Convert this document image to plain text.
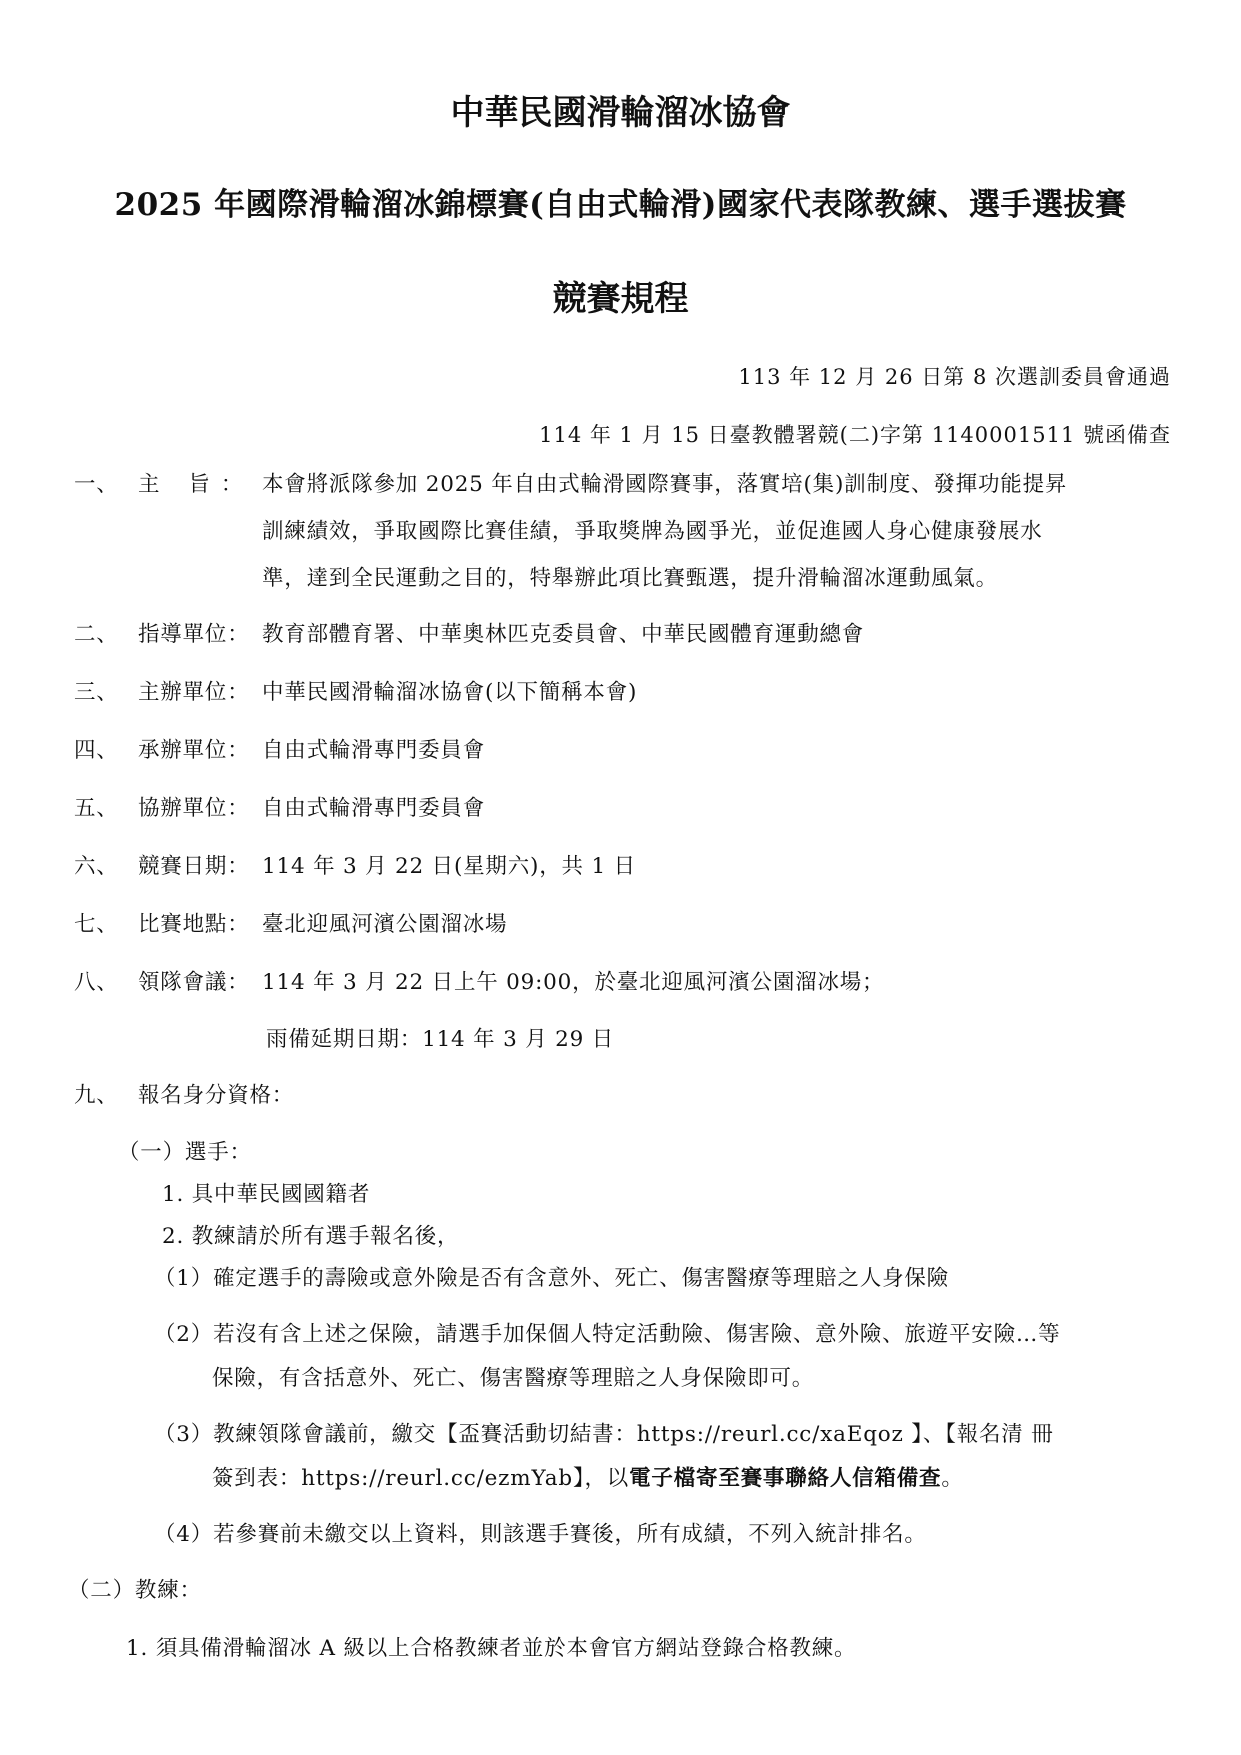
中華民國滑輪溜冰協會
2025 年國際滑輪溜冰錦標賽(自由式輪滑)國家代表隊教練、選手選拔賽
競賽規程
113 年 12 月 26 日第 8 次選訓委員會通過
114 年 1 月 15 日臺教體署競(二)字第 1140001511 號函備查
一、 主 旨： 本會將派隊參加 2025 年自由式輪滑國際賽事，落實培(集)訓制度、發揮功能提昇
訓練績效，爭取國際比賽佳績，爭取獎牌為國爭光，並促進國人身心健康發展水
準，達到全民運動之目的，特舉辦此項比賽甄選，提升滑輪溜冰運動風氣。
二、 指導單位： 教育部體育署、中華奧林匹克委員會、中華民國體育運動總會
三、 主辦單位： 中華民國滑輪溜冰協會(以下簡稱本會)
四、 承辦單位： 自由式輪滑專門委員會
五、 協辦單位： 自由式輪滑專門委員會
六、 競賽日期： 114 年 3 月 22 日(星期六)，共 1 日
七、 比賽地點： 臺北迎風河濱公園溜冰場
八、 領隊會議： 114 年 3 月 22 日上午 09:00，於臺北迎風河濱公園溜冰場；
雨備延期日期：114 年 3 月 29 日
九、 報名身分資格：
（一）選手：
1. 具中華民國國籍者
2. 教練請於所有選手報名後，
（1）確定選手的壽險或意外險是否有含意外、死亡、傷害醫療等理賠之人身保險
（2）若沒有含上述之保險，請選手加保個人特定活動險、傷害險、意外險、旅遊平安險…等
保險，有含括意外、死亡、傷害醫療等理賠之人身保險即可。
（3）教練領隊會議前，繳交【盃賽活動切結書：https://reurl.cc/xaEqoz 】、【報名清 冊
簽到表：https://reurl.cc/ezmYab】，以電子檔寄至賽事聯絡人信箱備查。
（4）若參賽前未繳交以上資料，則該選手賽後，所有成績，不列入統計排名。
（二）教練：
1. 須具備滑輪溜冰 A 級以上合格教練者並於本會官方網站登錄合格教練。
